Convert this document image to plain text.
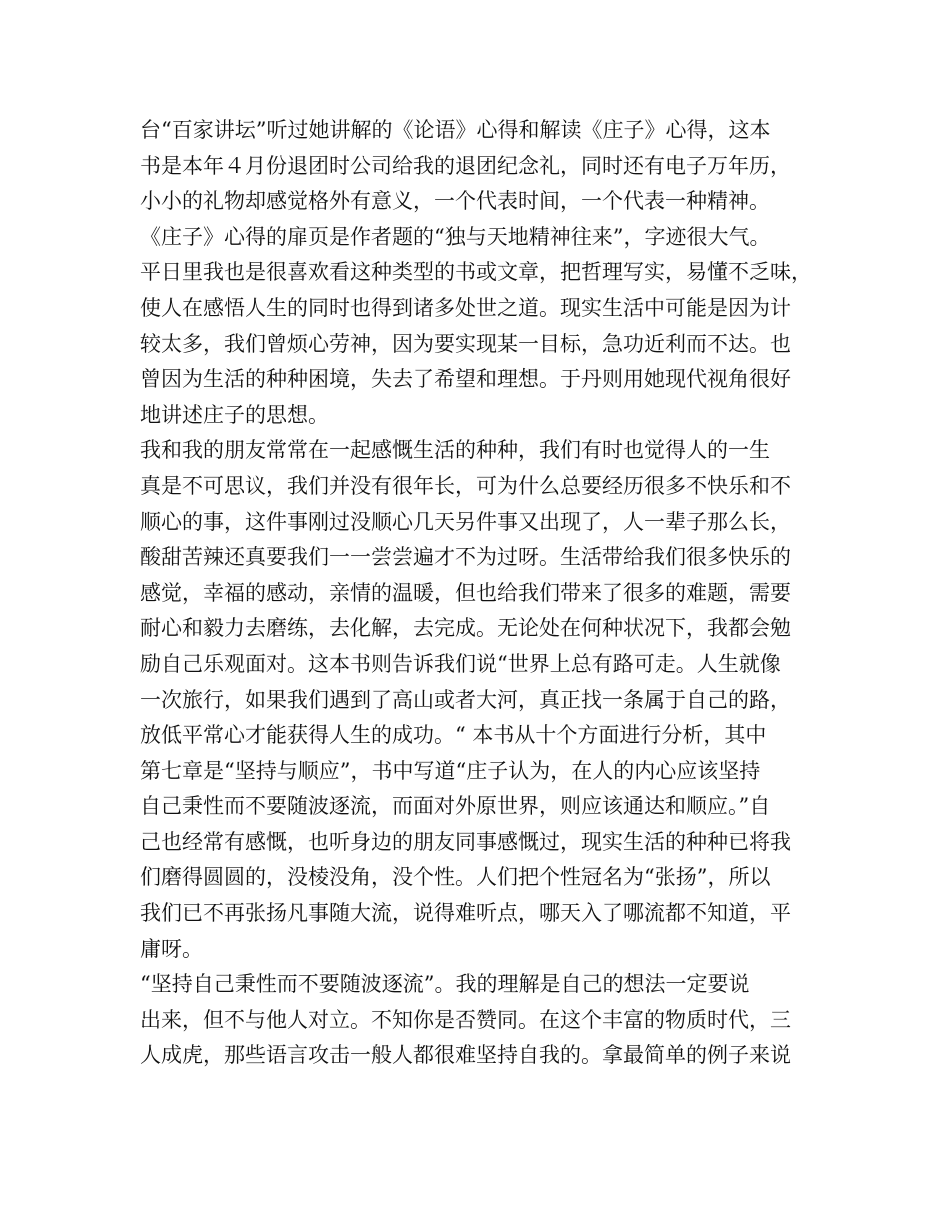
台“百家讲坛”听过她讲解的《论语》心得和解读《庄子》心得，这本
书是本年４月份退团时公司给我的退团纪念礼，同时还有电子万年历，
小小的礼物却感觉格外有意义，一个代表时间，一个代表一种精神。
《庄子》心得的扉页是作者题的“独与天地精神往来”，字迹很大气。
平日里我也是很喜欢看这种类型的书或文章，把哲理写实，易懂不乏味，
使人在感悟人生的同时也得到诸多处世之道。现实生活中可能是因为计
较太多，我们曾烦心劳神，因为要实现某一目标，急功近利而不达。也
曾因为生活的种种困境，失去了希望和理想。于丹则用她现代视角很好
地讲述庄子的思想。
我和我的朋友常常在一起感慨生活的种种，我们有时也觉得人的一生
真是不可思议，我们并没有很年长，可为什么总要经历很多不快乐和不
顺心的事，这件事刚过没顺心几天另件事又出现了，人一辈子那么长，
酸甜苦辣还真要我们一一尝尝遍才不为过呀。生活带给我们很多快乐的
感觉，幸福的感动，亲情的温暖，但也给我们带来了很多的难题，需要
耐心和毅力去磨练，去化解，去完成。无论处在何种状况下，我都会勉
励自己乐观面对。这本书则告诉我们说“世界上总有路可走。人生就像
一次旅行，如果我们遇到了高山或者大河，真正找一条属于自己的路，
放低平常心才能获得人生的成功。“ 本书从十个方面进行分析，其中
第七章是“坚持与顺应”，书中写道“庄子认为，在人的内心应该坚持
自己秉性而不要随波逐流，而面对外原世界，则应该通达和顺应。”自
己也经常有感慨，也听身边的朋友同事感慨过，现实生活的种种已将我
们磨得圆圆的，没棱没角，没个性。人们把个性冠名为“张扬”，所以
我们已不再张扬凡事随大流，说得难听点，哪天入了哪流都不知道，平
庸呀。
“坚持自己秉性而不要随波逐流”。我的理解是自己的想法一定要说
出来，但不与他人对立。不知你是否赞同。在这个丰富的物质时代，三
人成虎，那些语言攻击一般人都很难坚持自我的。拿最简单的例子来说
